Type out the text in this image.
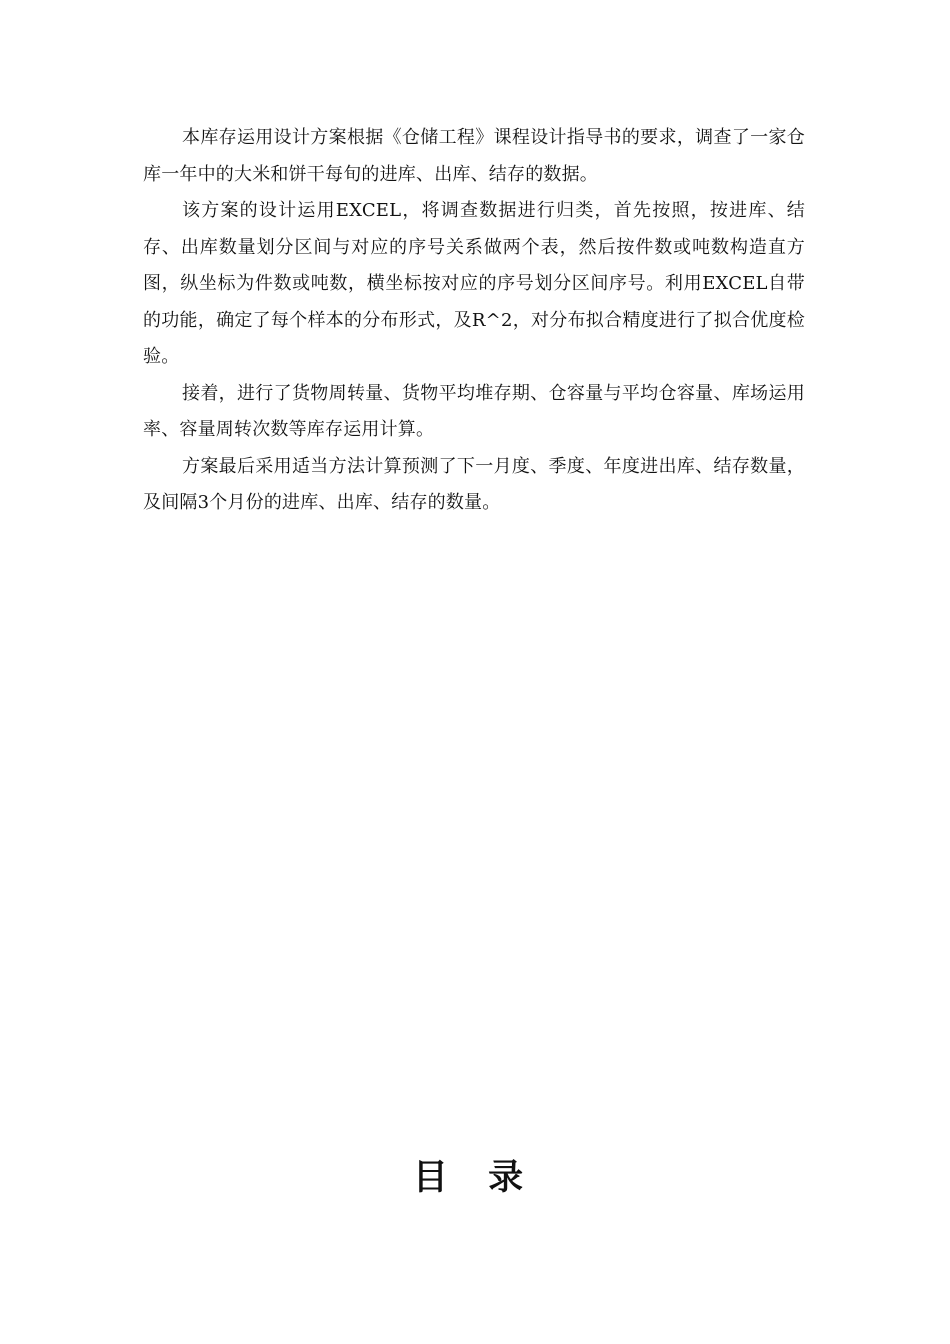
本库存运用设计方案根据《仓储工程》课程设计指导书的要求，调查了一家仓库一年中的大米和饼干每旬的进库、出库、结存的数据。

该方案的设计运用EXCEL，将调查数据进行归类，首先按照，按进库、结存、出库数量划分区间与对应的序号关系做两个表，然后按件数或吨数构造直方图，纵坐标为件数或吨数，横坐标按对应的序号划分区间序号。利用EXCEL自带的功能，确定了每个样本的分布形式，及R^2，对分布拟合精度进行了拟合优度检验。

接着，进行了货物周转量、货物平均堆存期、仓容量与平均仓容量、库场运用率、容量周转次数等库存运用计算。

方案最后采用适当方法计算预测了下一月度、季度、年度进出库、结存数量，及间隔3个月份的进库、出库、结存的数量。

目 录
